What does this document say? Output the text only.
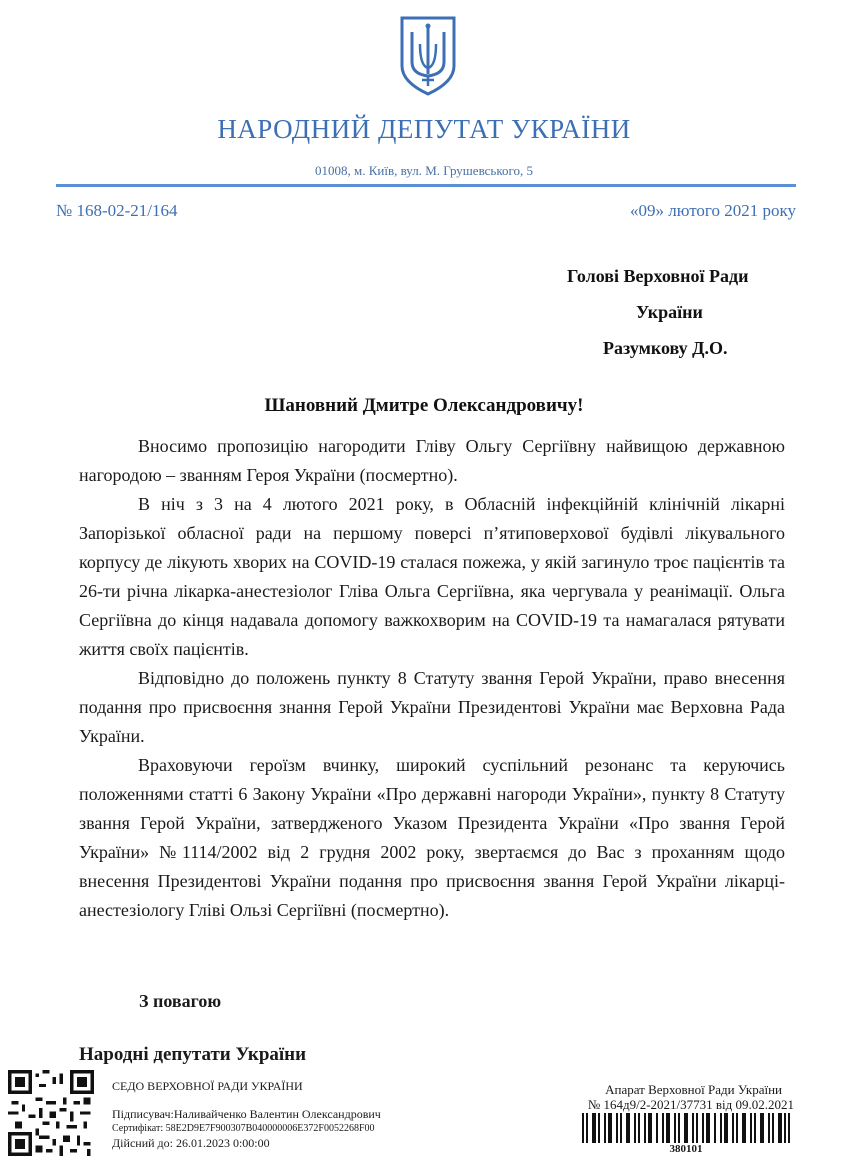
НАРОДНИЙ ДЕПУТАТ УКРАЇНИ
01008, м. Київ, вул. М. Грушевського, 5
№ 168-02-21/164	«09» лютого 2021 року
Голові Верховної Ради
України
Разумкову Д.О.
Шановний Дмитре Олександровичу!

Вносимо пропозицію нагородити Гліву Ольгу Сергіївну найвищою державною нагородою – званням Героя України (посмертно).

В ніч з 3 на 4 лютого 2021 року, в Обласній інфекційній клінічній лікарні Запорізької обласної ради на першому поверсі п’ятиповерхової будівлі лікувального корпусу де лікують хворих на COVID-19 сталася пожежа, у якій загинуло троє пацієнтів та 26-ти річна лікарка-анестезіолог Глiва Ольга Сергіївна, яка чергувала у реанімації. Ольга Сергіївна до кінця надавала допомогу важкохворим на COVID-19 та намагалася рятувати життя своїх пацієнтів.

Відповідно до положень пункту 8 Статуту звання Герой України, право внесення подання про присвоєння знання Герой України Президентові України має Верховна Рада України.

Враховуючи героїзм вчинку, широкий суспільний резонанс та керуючись положеннями статті 6 Закону України «Про державні нагороди України», пункту 8 Статуту звання Герой України, затвердженого Указом Президента України «Про звання Герой України» №1114/2002 від 2 грудня 2002 року, звертаємся до Вас з проханням щодо внесення Президентові України подання про присвоєння звання Герой України лікарці-анестезіологу Гліві Ользі Сергіївні (посмертно).

З повагою
Народні депутати України
СЕДО ВЕРХОВНОЇ РАДИ УКРАЇНИ
Підписувач:Наливайченко Валентин Олександрович
Сертифікат: 58E2D9E7F900307B040000006E372F0052268F00
Дійсний до: 26.01.2023 0:00:00
Апарат Верховної Ради України
№ 164д9/2-2021/37731 від 09.02.2021
380101
